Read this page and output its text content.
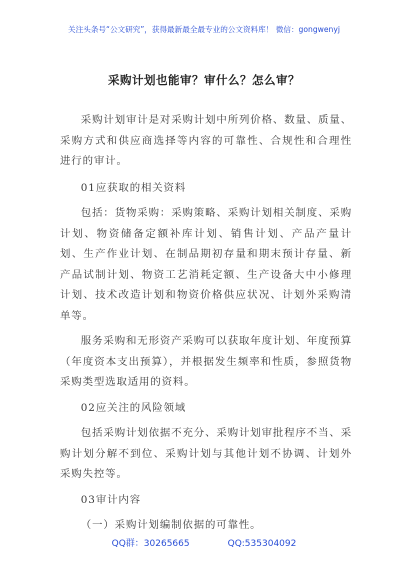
关注头条号“公文研究”，获得最新最全最专业的公文资料库！ 微信：gongwenyj
采购计划也能审？审什么？怎么审？

采购计划审计是对采购计划中所列价格、数量、质量、采购方式和供应商选择等内容的可靠性、合规性和合理性进行的审计。

01应获取的相关资料

包括：货物采购：采购策略、采购计划相关制度、采购计划、物资储备定额补库计划、销售计划、产品产量计划、生产作业计划、在制品期初存量和期末预计存量、新产品试制计划、物资工艺消耗定额、生产设备大中小修理计划、技术改造计划和物资价格供应状况、计划外采购清单等。

服务采购和无形资产采购可以获取年度计划、年度预算（年度资本支出预算），并根据发生频率和性质，参照货物采购类型选取适用的资料。

02应关注的风险领域

包括采购计划依据不充分、采购计划审批程序不当、采购计划分解不到位、采购计划与其他计划不协调、计划外采购失控等。

03审计内容

（一）采购计划编制依据的可靠性。

QQ群：30265665	QQ:535304092
